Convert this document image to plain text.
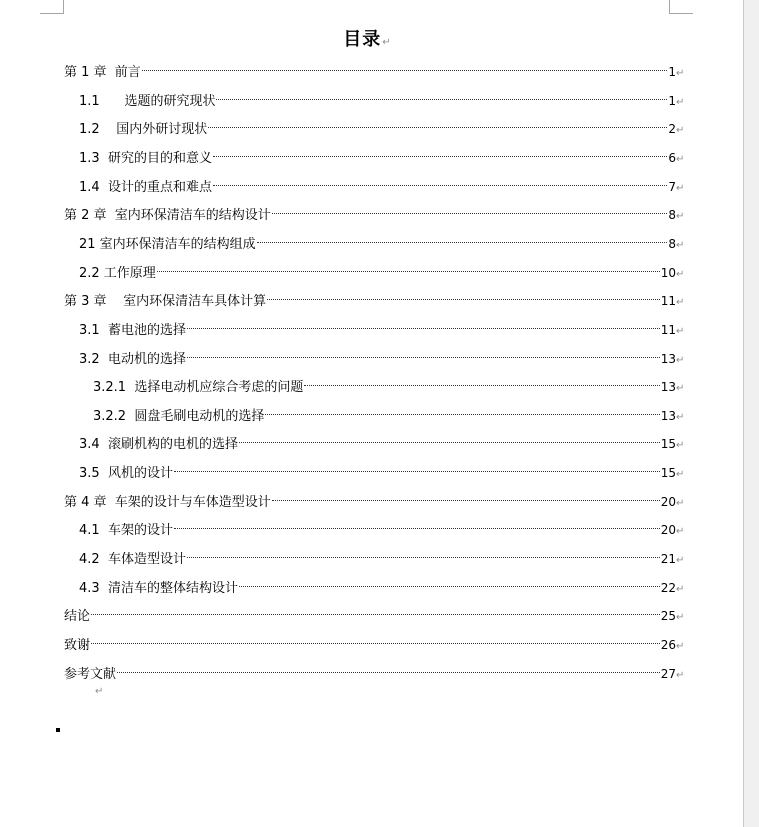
目录↵
第 1 章  前言	1 ↵
1.1      选题的研究现状	1 ↵
1.2    国内外研讨现状	2 ↵
1.3  研究的目的和意义	6 ↵
1.4  设计的重点和难点	7 ↵
第 2 章  室内环保清洁车的结构设计	8 ↵
21 室内环保清洁车的结构组成	8 ↵
2.2 工作原理	10 ↵
第 3 章    室内环保清洁车具体计算	11 ↵
3.1  蓄电池的选择	11 ↵
3.2  电动机的选择	13 ↵
3.2.1  选择电动机应综合考虑的问题	13 ↵
3.2.2  圆盘毛刷电动机的选择	13 ↵
3.4  滚刷机构的电机的选择	15 ↵
3.5  风机的设计	15 ↵
第 4 章  车架的设计与车体造型设计	20 ↵
4.1  车架的设计	20 ↵
4.2  车体造型设计	21 ↵
4.3  清洁车的整体结构设计	22 ↵
结论	25 ↵
致谢	26 ↵
参考文献	27 ↵
↵
